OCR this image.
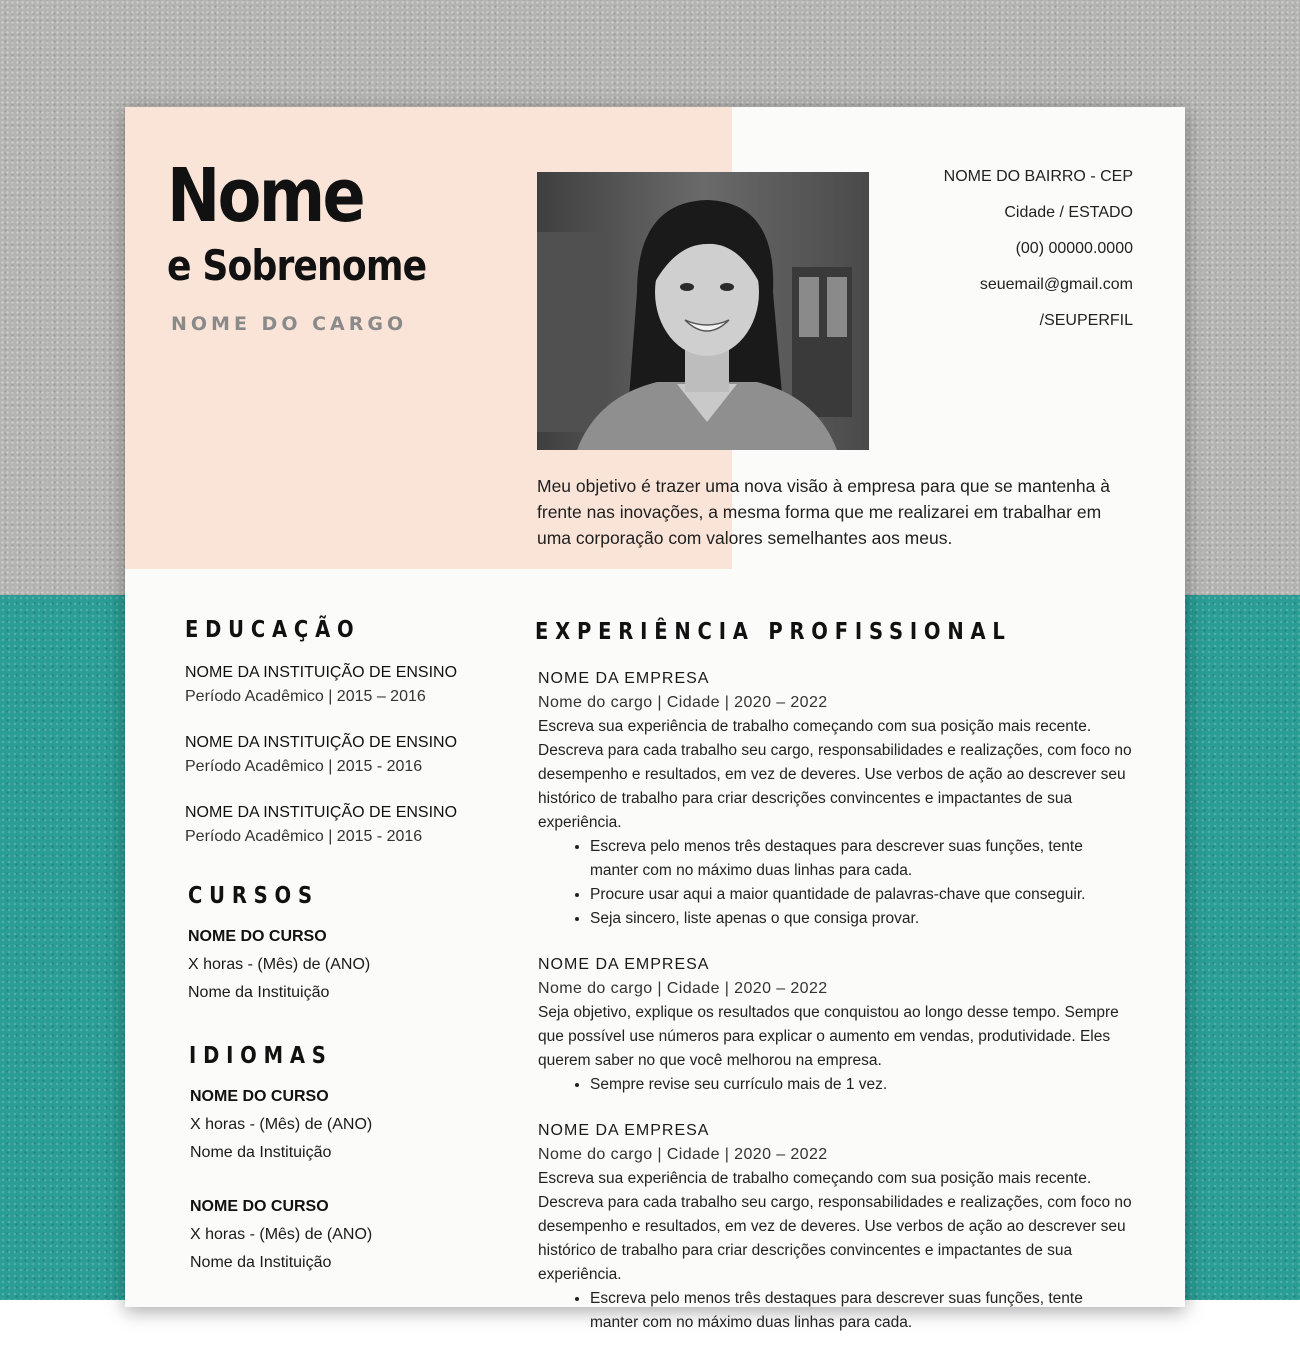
Nome
e Sobrenome
NOME DO CARGO
NOME DO BAIRRO - CEP
Cidade / ESTADO
(00) 00000.0000
seuemail@gmail.com
/SEUPERFIL
Meu objetivo é trazer uma nova visão à empresa para que se mantenha à frente nas inovações, a mesma forma que me realizarei em trabalhar em uma corporação com valores semelhantes aos meus.
EDUCAÇÃO
NOME DA INSTITUIÇÃO DE ENSINO
Período Acadêmico | 2015 – 2016
NOME DA INSTITUIÇÃO DE ENSINO
Período Acadêmico | 2015 - 2016
NOME DA INSTITUIÇÃO DE ENSINO
Período Acadêmico | 2015 - 2016
CURSOS
NOME DO CURSO
X horas - (Mês) de (ANO)
Nome da Instituição
IDIOMAS
NOME DO CURSO
X horas - (Mês) de (ANO)
Nome da Instituição
NOME DO CURSO
X horas - (Mês) de (ANO)
Nome da Instituição
EXPERIÊNCIA PROFISSIONAL
NOME DA EMPRESA
Nome do cargo | Cidade | 2020 – 2022
Escreva sua experiência de trabalho começando com sua posição mais recente. Descreva para cada trabalho seu cargo, responsabilidades e realizações, com foco no desempenho e resultados, em vez de deveres. Use verbos de ação ao descrever seu histórico de trabalho para criar descrições convincentes e impactantes de sua experiência.
• Escreva pelo menos três destaques para descrever suas funções, tente manter com no máximo duas linhas para cada.
• Procure usar aqui a maior quantidade de palavras-chave que conseguir.
• Seja sincero, liste apenas o que consiga provar.
NOME DA EMPRESA
Nome do cargo | Cidade | 2020 – 2022
Seja objetivo, explique os resultados que conquistou ao longo desse tempo. Sempre que possível use números para explicar o aumento em vendas, produtividade. Eles querem saber no que você melhorou na empresa.
• Sempre revise seu currículo mais de 1 vez.
NOME DA EMPRESA
Nome do cargo | Cidade | 2020 – 2022
Escreva sua experiência de trabalho começando com sua posição mais recente. Descreva para cada trabalho seu cargo, responsabilidades e realizações, com foco no desempenho e resultados, em vez de deveres. Use verbos de ação ao descrever seu histórico de trabalho para criar descrições convincentes e impactantes de sua experiência.
• Escreva pelo menos três destaques para descrever suas funções, tente manter com no máximo duas linhas para cada.
